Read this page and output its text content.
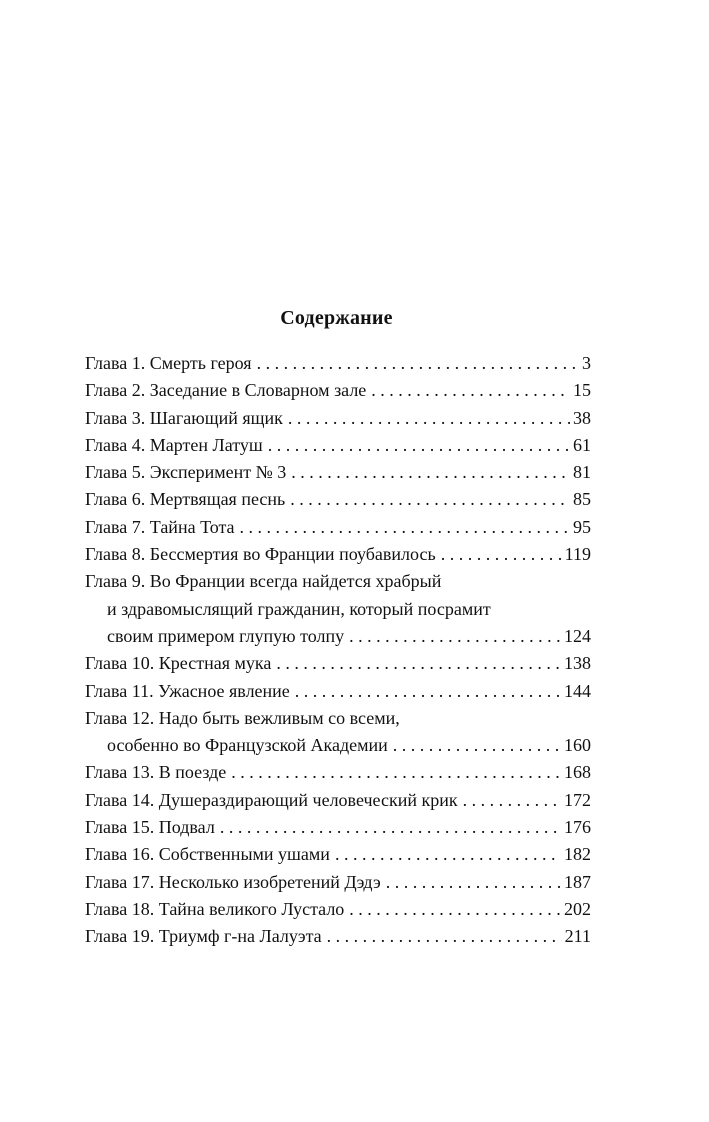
Содержание
Глава 1. Смерть героя . . .	3
Глава 2. Заседание в Словарном зале . . .	15
Глава 3. Шагающий ящик . . .	38
Глава 4. Мартен Латуш . . .	61
Глава 5. Эксперимент № 3 . . .	81
Глава 6. Мертвящая песнь . . .	85
Глава 7. Тайна Тота . . .	95
Глава 8. Бессмертия во Франции поубавилось . . .	119
Глава 9. Во Франции всегда найдется храбрый
и здравомыслящий гражданин, который посрамит
своим примером глупую толпу . . .	124
Глава 10. Крестная мука . . .	138
Глава 11. Ужасное явление . . .	144
Глава 12. Надо быть вежливым со всеми,
особенно во Французской Академии . . .	160
Глава 13. В поезде . . .	168
Глава 14. Душераздирающий человеческий крик . . .	172
Глава 15. Подвал . . .	176
Глава 16. Собственными ушами . . .	182
Глава 17. Несколько изобретений Дэдэ . . .	187
Глава 18. Тайна великого Лустало . . .	202
Глава 19. Триумф г-на Лалуэта . . .	211
